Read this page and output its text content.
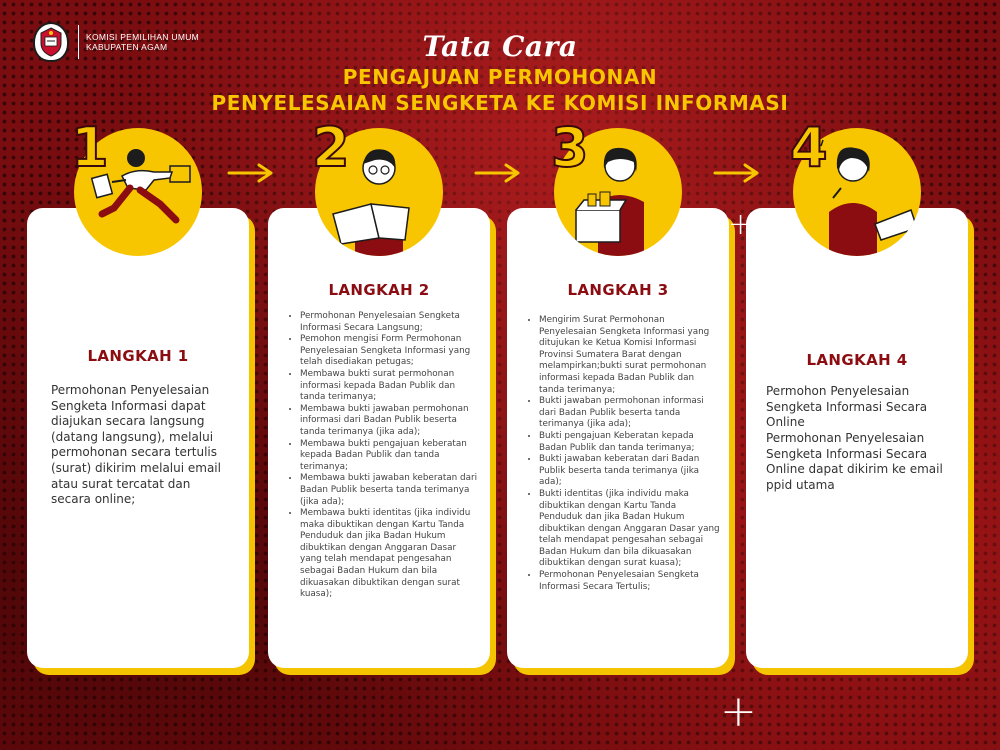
KOMISI PEMILIHAN UMUM
KABUPATEN AGAM	Tata Cara
PENGAJUAN PERMOHONAN
PENYELESAIAN SENGKETA KE KOMISI INFORMASI
1
LANGKAH 1
Permohonan Penyelesaian Sengketa Informasi dapat diajukan secara langsung (datang langsung), melalui permohonan secara tertulis (surat) dikirim melalui email atau surat tercatat dan secara online;
2
LANGKAH 2
• Permohonan Penyelesaian Sengketa Informasi Secara Langsung;
• Pemohon mengisi Form Permohonan Penyelesaian Sengketa Informasi yang telah disediakan petugas;
• Membawa bukti surat permohonan informasi kepada Badan Publik dan tanda terimanya;
• Membawa bukti jawaban permohonan informasi dari Badan Publik beserta tanda terimanya (jika ada);
• Membawa bukti pengajuan keberatan kepada Badan Publik dan tanda terimanya;
• Membawa bukti jawaban keberatan dari Badan Publik beserta tanda terimanya (jika ada);
• Membawa bukti identitas (jika individu maka dibuktikan dengan Kartu Tanda Penduduk dan jika Badan Hukum dibuktikan dengan Anggaran Dasar yang telah mendapat pengesahan sebagai Badan Hukum dan bila dikuasakan dibuktikan dengan surat kuasa);
3
LANGKAH 3
• Mengirim Surat Permohonan Penyelesaian Sengketa Informasi yang ditujukan ke Ketua Komisi Informasi Provinsi Sumatera Barat dengan melampirkan;bukti surat permohonan informasi kepada Badan Publik dan tanda terimanya;
• Bukti jawaban permohonan informasi dari Badan Publik beserta tanda terimanya (jika ada);
• Bukti pengajuan Keberatan kepada Badan Publik dan tanda terimanya;
• Bukti jawaban keberatan dari Badan Publik beserta tanda terimanya (jika ada);
• Bukti identitas (jika individu maka dibuktikan dengan Kartu Tanda Penduduk dan jika Badan Hukum dibuktikan dengan Anggaran Dasar yang telah mendapat pengesahan sebagai Badan Hukum dan bila dikuasakan dibuktikan dengan surat kuasa);
• Permohonan Penyelesaian Sengketa Informasi Secara Tertulis;
4
LANGKAH 4
Permohon Penyelesaian Sengketa Informasi Secara Online
Permohonan Penyelesaian Sengketa Informasi Secara Online dapat dikirim ke email ppid utama
+
+
